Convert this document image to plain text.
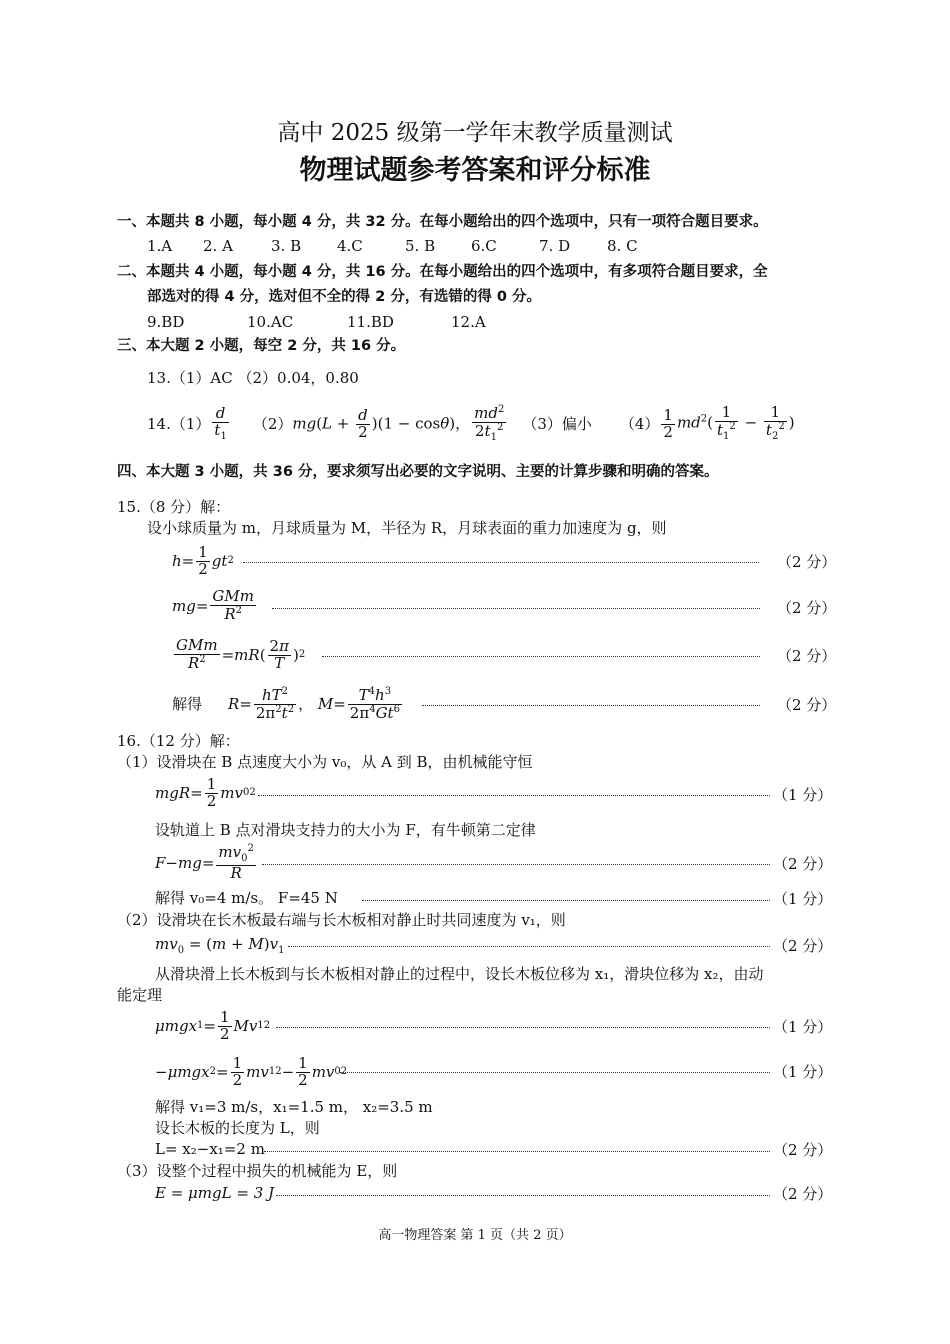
高中 2025 级第一学年末教学质量测试
物理试题参考答案和评分标准
一、本题共 8 小题，每小题 4 分，共 32 分。在每小题给出的四个选项中，只有一项符合题目要求。
1.A 2. A	3. B 4.C	5. B 6.C	7. D 8. C
二、本题共 4 小题，每小题 4 分，共 16 分。在每小题给出的四个选项中，有多项符合题目要求，全
部选对的得 4 分，选对但不全的得 2 分，有选错的得 0 分。
9.BD	10.AC	11.BD	12.A
三、本大题 2 小题，每空 2 分，共 16 分。
13.（1）AC （2）0.04，0.80
14.（1）
d
$t_1$
（2） $mg(L + \frac{d}{2} )(1 - \cos\theta)$，
$md^2$
$2t_1^2$ （3）偏小 $(4) \frac{1}{2} md^2( \frac{1}{t_1^2} - \frac{1}{t_2^2}$ )
四、本大题 3 小题，共 36 分，要求须写出必要的文字说明、主要的计算步骤和明确的答案。
15.（8 分）解：
设小球质量为 m，月球质量为 M，半径为 R，月球表面的重力加速度为 g，则
h =
1
2 gt 2	（2 分）
mg =
GMm
$R^2$	（2 分）
GMm
$R^2$	= mR (
2π
T ) 2	（2 分）
解得 R =
$hT^2$
$2\pi^2t^2$ ， M =
$T^4h^3$
$2\pi^4Gt^6$	（2 分）
16.（12 分）解：
（1）设滑块在 B 点速度大小为 v₀，从 A 到 B，由机械能守恒
mgR =
1
2 mv 0 2	（1 分）
设轨道上 B 点对滑块支持力的大小为 F，有牛顿第二定律
F − mg =
$mv_0^2$
R	（2 分）
解得 v₀=4 m/s。 F=45 N	（1 分）
（2）设滑块在长木板最右端与长木板相对静止时共同速度为 v₁，则
$mv_0 = (m + M)v_1$	（2 分）
从滑块滑上长木板到与长木板相对静止的过程中，设长木板位移为 x₁，滑块位移为 x₂，由动
能定理
μmgx 1 =
1
2 Mv 1 2	（1 分）
− μmgx 2 =
1
2 mv 1 2 −
1
2 mv 0 2	（1 分）
解得 v₁=3 m/s，x₁=1.5 m， x₂=3.5 m
设长木板的长度为 L，则
L= x₂−x₁=2 m	（2 分）
（3）设整个过程中损失的机械能为 E，则
E = μmgL = 3 J	（2 分）
高一物理答案 第 1 页（共 2 页）
